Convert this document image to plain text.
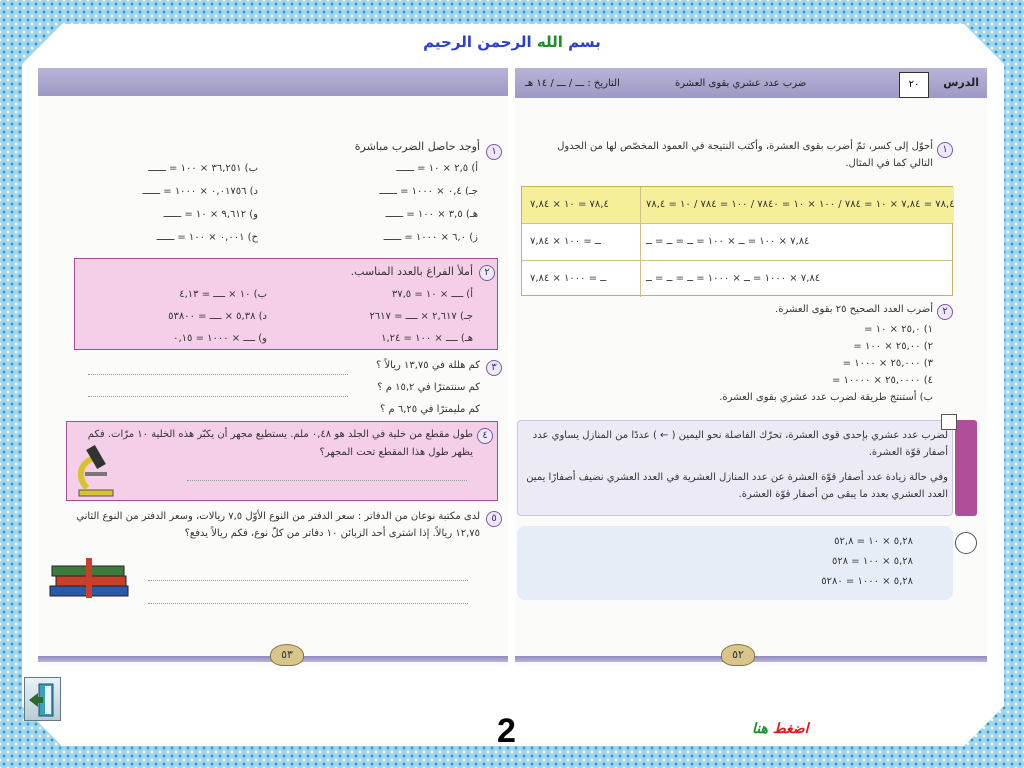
بسم الله الرحمن الرحيم
١
أوجد حاصل الضرب مباشرة
أ) ٢,٥ × ١٠ = ــــــ
ب) ٣٦,٢٥١ × ١٠٠ = ــــــ
جـ) ٠,٤ × ١٠٠٠ = ــــــ
د) ٠,٠١٧٥٦ × ١٠٠٠ = ــــــ
هـ) ٣,٥ × ١٠٠ = ــــــ
و) ٩,٦١٢ × ١٠ = ــــــ
ز) ٦,٠ × ١٠٠٠ = ــــــ
ح) ٠,٠٠١ × ١٠٠ = ــــــ
٢
أملأ الفراغ بالعدد المناسب.
أ) ــــ × ١٠ = ٣٧,٥
ب) ١٠ × ــــ = ٤,١٣
جـ) ٢,٦١٧ × ــــ = ٢٦١٧
د) ٥,٣٨ × ــــ = ٥٣٨٠٠
هـ) ــــ × ١٠٠ = ١,٢٤
و) ــــ × ١٠٠٠ = ٠,١٥
٣
كم هللة في ١٣,٧٥ ريالاً ؟
كم سنتمترًا في ١٥,٢ م ؟
كم مليمترًا في ٦,٢٥ م ؟
٤
طول مقطع من خلية في الجلد هو ٠,٤٨ ملم. يستطيع مجهر أن يكبّر هذه الخلية ١٠ مرّات. فكم يظهر طول هذا المقطع تحت المجهر؟
٥
لدى مكتبة نوعان من الدفاتر : سعر الدفتر من النوع الأوّل ٧,٥ ريالات، وسعر الدفتر من النوع الثاني ١٢,٧٥ ريالاً. إذا اشترى أحد الزبائن ١٠ دفاتر من كلّ نوع، فكم ريالاً يدفع؟
٥٣
الدرس
٢٠
ضرب عدد عشري بقوى العشرة
التاريخ : ـــ / ـــ / ١٤ هـ
١
أحوّل إلى كسر، ثمّ أضرب بقوى العشرة، وأكتب النتيجة في العمود المخصّص لها من الجدول التالي كما في المثال.
٧٨,٤ = ٧,٨٤ × ١٠ = ٧٨٤ / ١٠٠ × ١٠ = ٧٨٤٠ / ١٠٠ = ٧٨٤ / ١٠ = ٧٨,٤
٧٨,٤ = ١٠ × ٧,٨٤
٧,٨٤ × ١٠٠ = ــ × ١٠٠ = ــ = ــ = ــ
ــ = ١٠٠ × ٧,٨٤
٧,٨٤ × ١٠٠٠ = ــ × ١٠٠٠ = ــ = ــ = ــ
ــ = ١٠٠٠ × ٧,٨٤
٢
أضرب العدد الصحيح ٢٥ بقوى العشرة.
١) ٢٥,٠ × ١٠ =
٢) ٢٥,٠٠ × ١٠٠ =
٣) ٢٥,٠٠٠ × ١٠٠٠ =
٤) ٢٥,٠٠٠٠ × ١٠٠٠٠ =
ب) أستنتج طريقة لضرب عدد عشري بقوى العشرة.
لضرب عدد عشري بإحدى قوى العشرة، تحرّك الفاصلة نحو اليمين ( ← ) عددًا من المنازل يساوي عدد أصفار قوّة العشرة.
وفي حالة زيادة عدد أصفار قوّة العشرة عن عدد المنازل العشرية في العدد العشري نضيف أصفارًا يمين العدد العشري بعدد ما يبقى من أصفار قوّة العشرة.
٥,٢٨ × ١٠ = ٥٢,٨
٥,٢٨ × ١٠٠ = ٥٢٨
٥,٢٨ × ١٠٠٠ = ٥٢٨٠
٥٢
2	اضغط هنا
